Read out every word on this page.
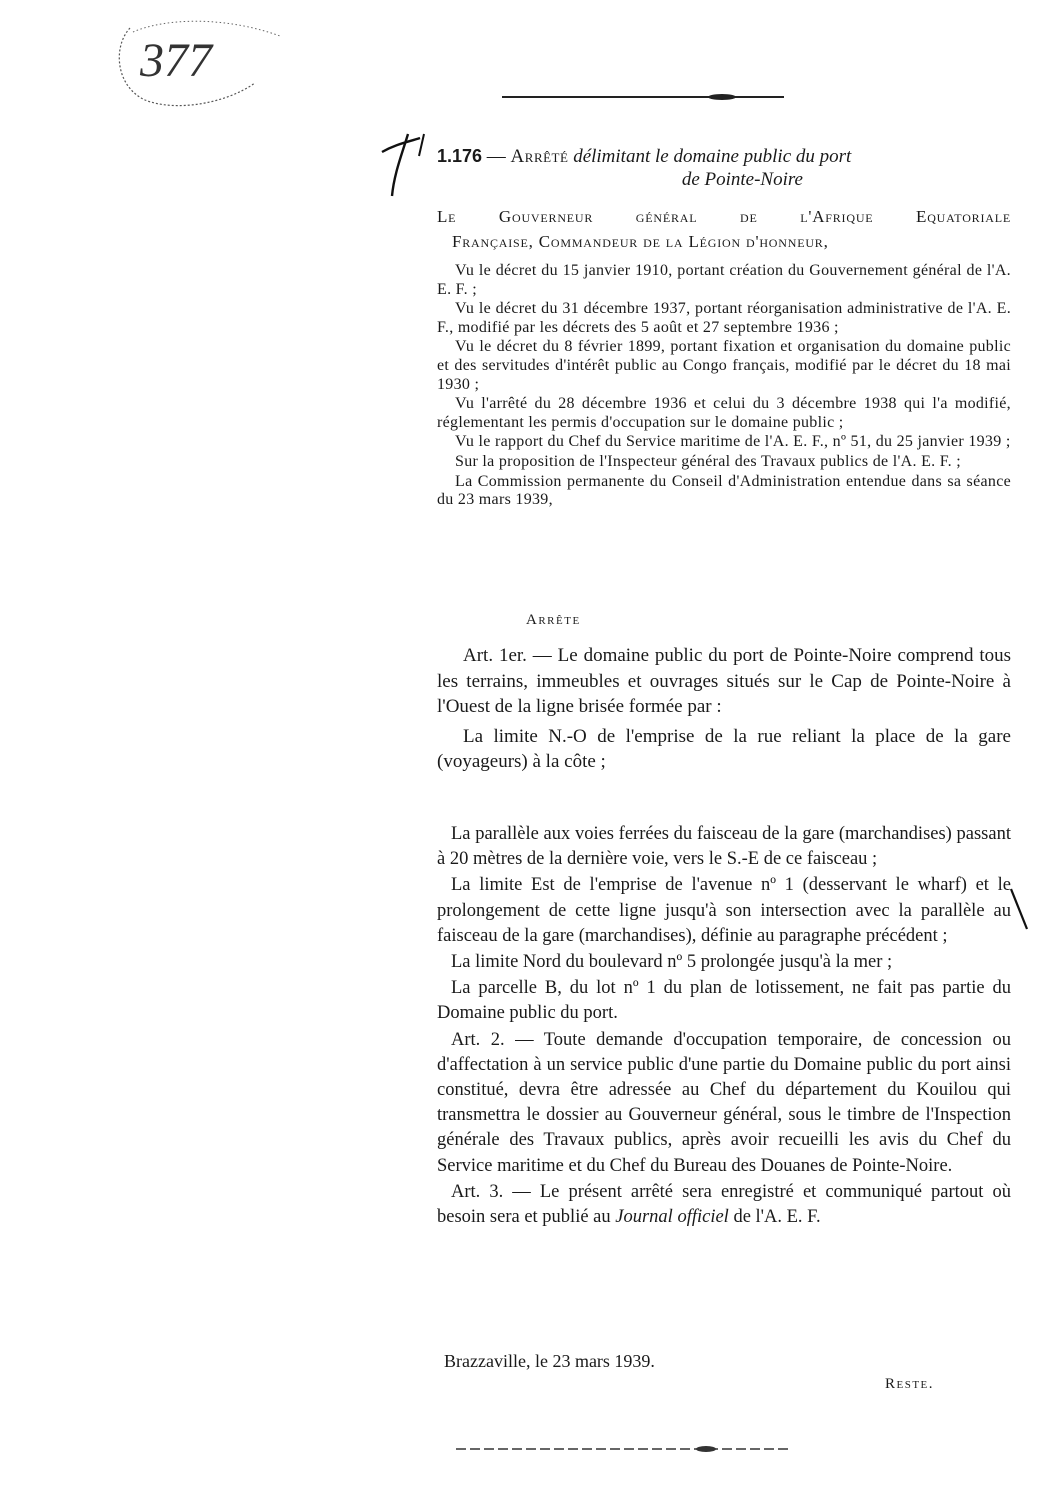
377
1.176 — Arrêté délimitant le domaine public du port
de Pointe-Noire
Le Gouverneur général de l'Afrique Equatoriale
Française, Commandeur de la Légion d'honneur,

Vu le décret du 15 janvier 1910, portant création du Gouvernement général de l'A. E. F. ;

Vu le décret du 31 décembre 1937, portant réorganisation administrative de l'A. E. F., modifié par les décrets des 5 août et 27 septembre 1936 ;

Vu le décret du 8 février 1899, portant fixation et organisation du domaine public et des servitudes d'intérêt public au Congo français, modifié par le décret du 18 mai 1930 ;

Vu l'arrêté du 28 décembre 1936 et celui du 3 décembre 1938 qui l'a modifié, réglementant les permis d'occupation sur le domaine public ;

Vu le rapport du Chef du Service maritime de l'A. E. F., nº 51, du 25 janvier 1939 ;

Sur la proposition de l'Inspecteur général des Travaux publics de l'A. E. F. ;

La Commission permanente du Conseil d'Administration entendue dans sa séance du 23 mars 1939,

Arrête

Art. 1er. — Le domaine public du port de Pointe-Noire comprend tous les terrains, immeubles et ouvrages situés sur le Cap de Pointe-Noire à l'Ouest de la ligne brisée formée par :

La limite N.-O de l'emprise de la rue reliant la place de la gare (voyageurs) à la côte ;

La parallèle aux voies ferrées du faisceau de la gare (marchandises) passant à 20 mètres de la dernière voie, vers le S.-E de ce faisceau ;

La limite Est de l'emprise de l'avenue nº 1 (desservant le wharf) et le prolongement de cette ligne jusqu'à son intersection avec la parallèle au faisceau de la gare (marchandises), définie au paragraphe précédent ;

La limite Nord du boulevard nº 5 prolongée jusqu'à la mer ;

La parcelle B, du lot nº 1 du plan de lotissement, ne fait pas partie du Domaine public du port.

Art. 2. — Toute demande d'occupation temporaire, de concession ou d'affectation à un service public d'une partie du Domaine public du port ainsi constitué, devra être adressée au Chef du département du Kouilou qui transmettra le dossier au Gouverneur général, sous le timbre de l'Inspection générale des Travaux publics, après avoir recueilli les avis du Chef du Service maritime et du Chef du Bureau des Douanes de Pointe-Noire.

Art. 3. — Le présent arrêté sera enregistré et communiqué partout où besoin sera et publié au Journal officiel de l'A. E. F.

Brazzaville, le 23 mars 1939.
Reste.
